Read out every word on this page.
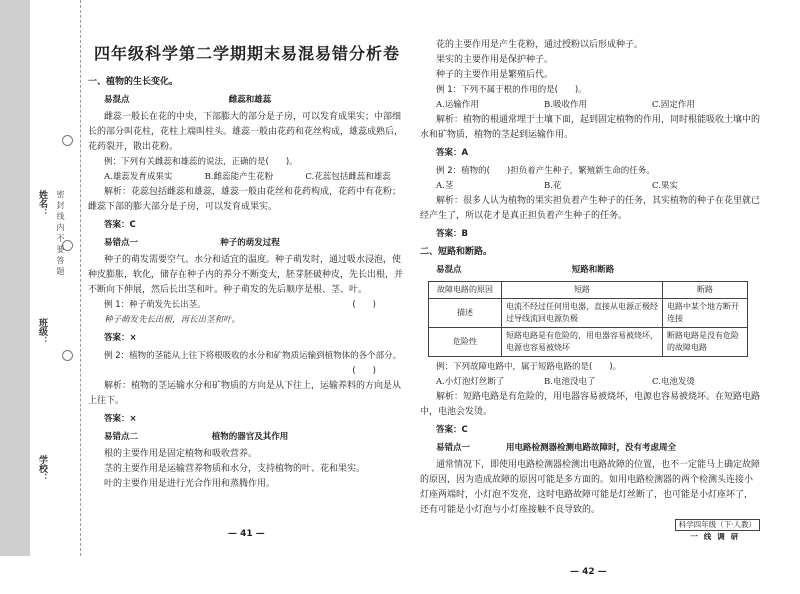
姓名：
班级：
学校：
密封线内不要答题
四年级科学第二学期期末易混易错分析卷
一、植物的生长变化。
易混点	雌蕊和雄蕊

雌蕊一般长在花的中央，下部膨大的部分是子房，可以发育成果实；中部细长的部分叫花柱，花柱上端叫柱头。雄蕊一般由花药和花丝构成，雄蕊成熟后，花药裂开，散出花粉。

例：下列有关雌蕊和雄蕊的说法，正确的是(　　)。
A.雄蕊发育成果实	B.雌蕊能产生花粉	C.花蕊包括雌蕊和雄蕊

解析：花蕊包括雌蕊和雄蕊，雄蕊一般由花丝和花药构成，花药中有花粉；雌蕊下部的膨大部分是子房，可以发育成果实。

答案：C
易错点一	种子的萌发过程

种子的萌发需要空气、水分和适宜的温度。种子萌发时，通过吸水浸泡，使种皮膨胀，软化，储存在种子内的养分不断变大，胚芽胚破种皮，先长出根，并不断向下伸展，然后长出茎和叶。种子萌发的先后顺序是根、茎、叶。

例 1：种子萌发先长出茎。	(　　)
种子萌发先长出根，再长出茎和叶。
答案：×
例 2：植物的茎能从上往下将根吸收的水分和矿物质运输到植物体的各个部分。
(　　)

解析：植物的茎运输水分和矿物质的方向是从下往上，运输养料的方向是从上往下。

答案：×
易错点二	植物的器官及其作用

根的主要作用是固定植物和吸收营养。

茎的主要作用是运输营养物质和水分，支持植物的叶、花和果实。

叶的主要作用是进行光合作用和蒸腾作用。

— 41 —

花的主要作用是产生花粉，通过授粉以后形成种子。

果实的主要作用是保护种子。

种子的主要作用是繁殖后代。

例 1：下列不属于根的作用的是(　　)。
A.运输作用	B.吸收作用	C.固定作用

解析：植物的根通常埋于土壤下面，起到固定植物的作用，同时根能吸收土壤中的水和矿物质，植物的茎起到运输作用。

答案：A
例 2：植物的(　　)担负着产生种子，繁殖新生命的任务。
A.茎	B.花	C.果实

解析：很多人认为植物的果实担负着产生种子的任务，其实植物的种子在花里就已经产生了，所以花才是真正担负着产生种子的任务。

答案：B
二、短路和断路。
易混点	短路和断路
故障电路的原因	短路	断路
描述	电流不经过任何用电器，直接从电源正极经过导线流回电源负极	电路中某个地方断开连接
危险性	短路电路是有危险的，用电器容易被烧坏，电源也容易被烧坏	断路电路是没有危险的故障电路
例：下列故障电路中，属于短路电路的是(　　)。
A.小灯泡灯丝断了	B.电池没电了	C.电池发烫

解析：短路电路是有危险的，用电器容易被烧坏，电源也容易被烧坏。在短路电路中，电池会发烫。

答案：C
易错点一	用电路检测器检测电路故障时，没有考虑周全

通常情况下，即使用电路检测器检测出电路故障的位置，也不一定能马上确定故障的原因，因为造成故障的原因可能是多方面的。如用电路检测器的两个检测头连接小灯座两端时，小灯泡不发亮，这时电路故障可能是灯丝断了，也可能是小灯座坏了，还有可能是小灯泡与小灯座接触不良导致的。

— 42 —
科学四年级（下·人教）
一线调研
